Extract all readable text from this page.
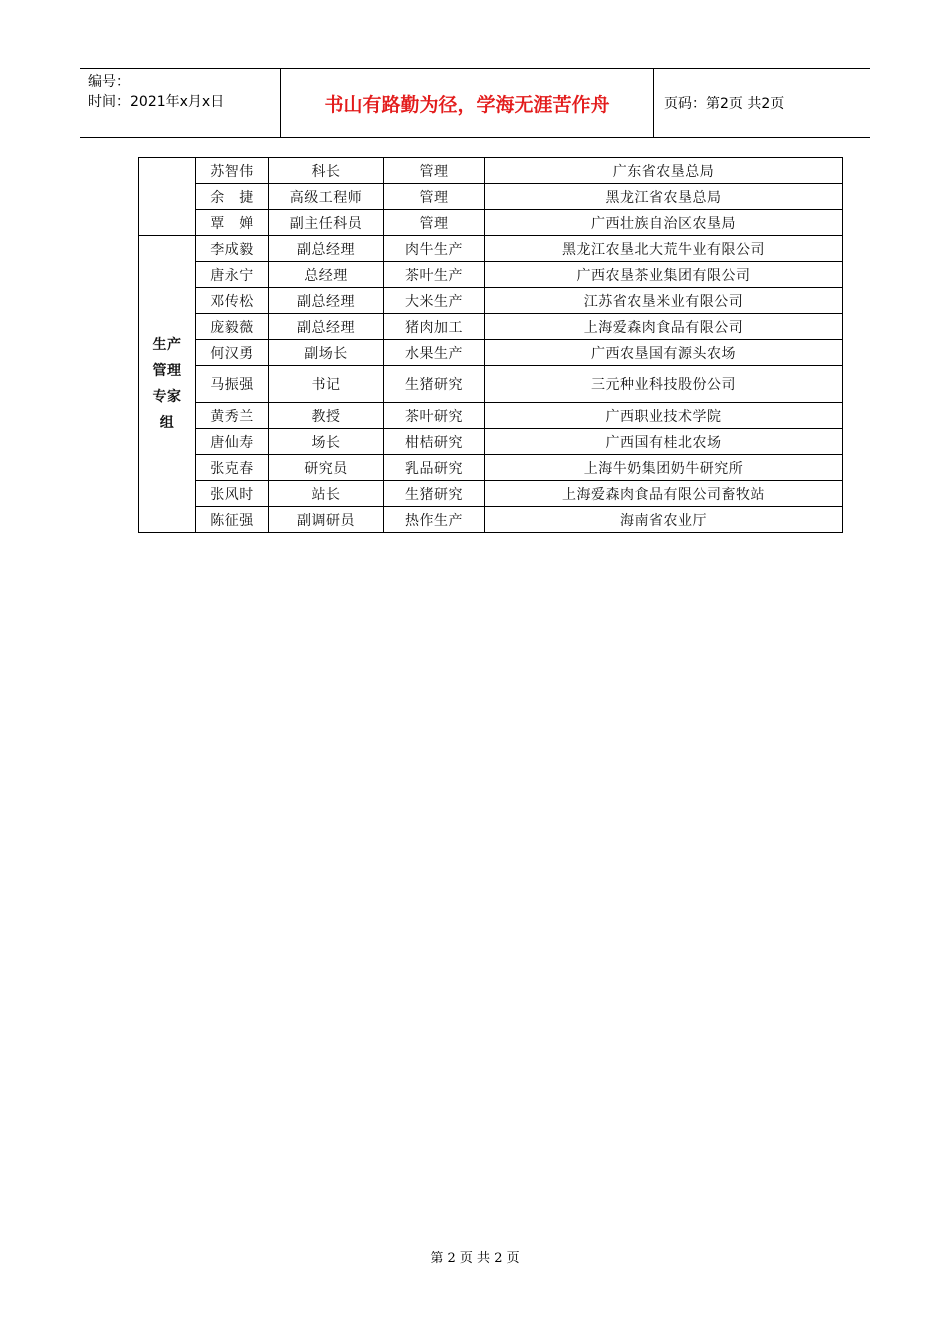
编号：
时间：2021年x月x日	书山有路勤为径，学海无涯苦作舟	页码：第2页 共2页
	苏智伟	科长	管理	广东省农垦总局
	余　捷	高级工程师	管理	黑龙江省农垦总局
	覃　婵	副主任科员	管理	广西壮族自治区农垦局
生产管理专家组	李成毅	副总经理	肉牛生产	黑龙江农垦北大荒牛业有限公司
	唐永宁	总经理	茶叶生产	广西农垦茶业集团有限公司
	邓传松	副总经理	大米生产	江苏省农垦米业有限公司
	庞毅薇	副总经理	猪肉加工	上海爱森肉食品有限公司
	何汉勇	副场长	水果生产	广西农垦国有源头农场
	马振强	书记	生猪研究	三元种业科技股份公司
	黄秀兰	教授	茶叶研究	广西职业技术学院
	唐仙寿	场长	柑桔研究	广西国有桂北农场
	张克春	研究员	乳品研究	上海牛奶集团奶牛研究所
	张风时	站长	生猪研究	上海爱森肉食品有限公司畜牧站
	陈征强	副调研员	热作生产	海南省农业厅
第 2 页 共 2 页
